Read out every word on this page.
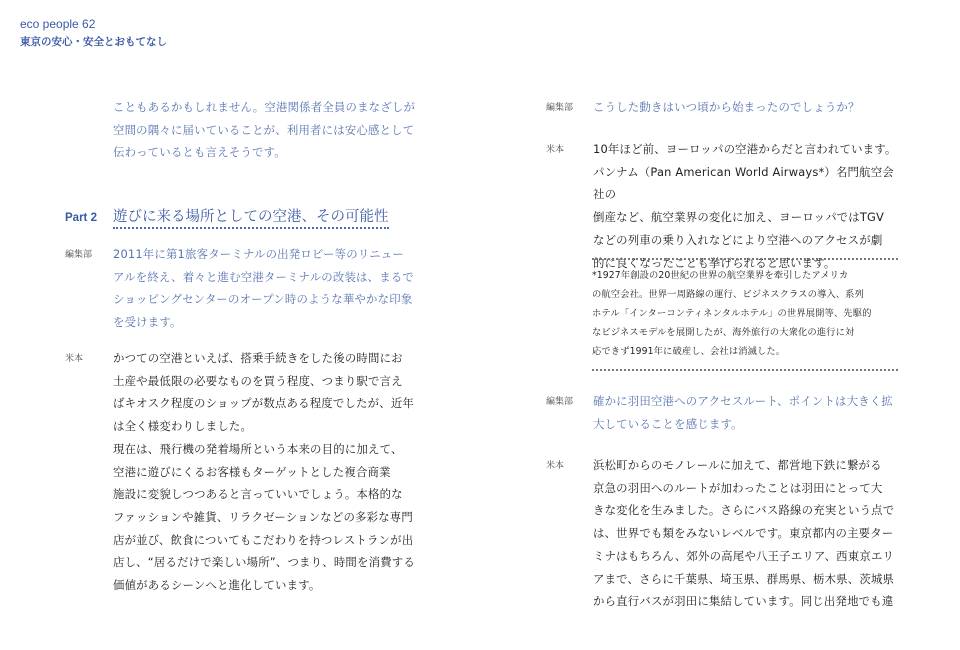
eco people 62
東京の安心・安全とおもてなし
こともあるかもしれません。空港関係者全員のまなざしが
空間の隅々に届いていることが、利用者には安心感として
伝わっているとも言えそうです。
Part 2	遊びに来る場所としての空港、その可能性
編集部	2011年に第1旅客ターミナルの出発ロビー等のリニュー
アルを終え、着々と進む空港ターミナルの改装は、まるで
ショッピングセンターのオープン時のような華やかな印象
を受けます。
米本	かつての空港といえば、搭乗手続きをした後の時間にお
土産や最低限の必要なものを買う程度、つまり駅で言え
ばキオスク程度のショップが数点ある程度でしたが、近年
は全く様変わりしました。
現在は、飛行機の発着場所という本来の目的に加えて、
空港に遊びにくるお客様もターゲットとした複合商業
施設に変貌しつつあると言っていいでしょう。本格的な
ファッションや雑貨、リラクゼーションなどの多彩な専門
店が並び、飲食についてもこだわりを持つレストランが出
店し、“居るだけで楽しい場所”、つまり、時間を消費する
価値があるシーンへと進化しています。
編集部	こうした動きはいつ頃から始まったのでしょうか？
米本	10年ほど前、ヨーロッパの空港からだと言われています。
パンナム（Pan American World Airways*）名門航空会社の
倒産など、航空業界の変化に加え、ヨーロッパではTGV
などの列車の乗り入れなどにより空港へのアクセスが劇
的に良くなったことも挙げられると思います。

*1927年創設の20世紀の世界の航空業界を牽引したアメリカ

の航空会社。世界一周路線の運行、ビジネスクラスの導入、系列

ホテル「インターコンティネンタルホテル」の世界展開等、先駆的

なビジネスモデルを展開したが、海外旅行の大衆化の進行に対

応できず1991年に破産し、会社は消滅した。

編集部	確かに羽田空港へのアクセスルート、ポイントは大きく拡
大していることを感じます。
米本	浜松町からのモノレールに加えて、都営地下鉄に繋がる
京急の羽田へのルートが加わったことは羽田にとって大
きな変化を生みました。さらにバス路線の充実という点で
は、世界でも類をみないレベルです。東京都内の主要ター
ミナはもちろん、郊外の高尾や八王子エリア、西東京エリ
アまで、さらに千葉県、埼玉県、群馬県、栃木県、茨城県
から直行バスが羽田に集結しています。同じ出発地でも違
